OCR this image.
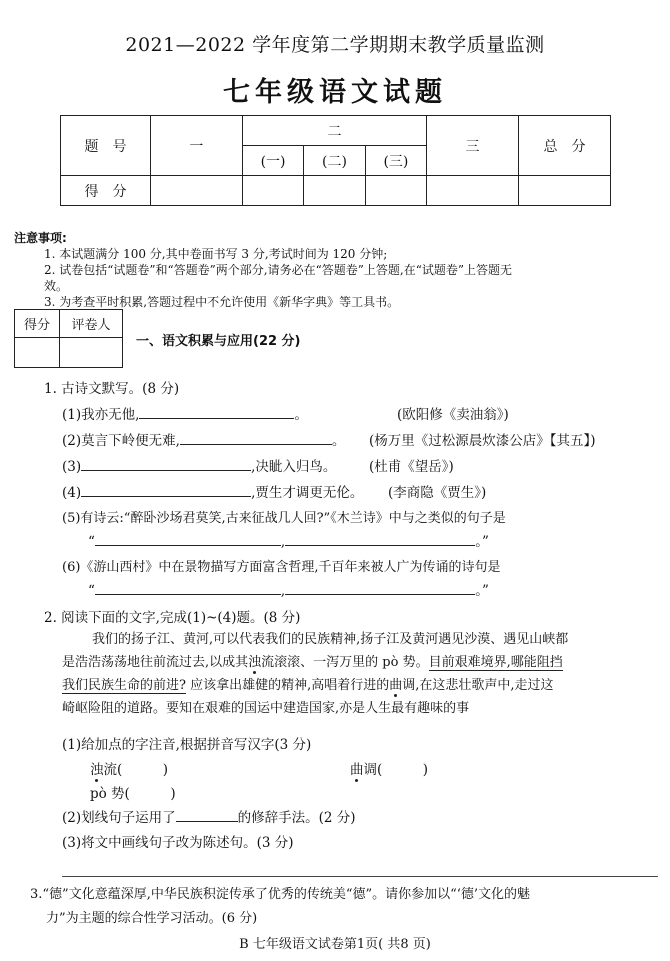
2021—2022 学年度第二学期期末教学质量监测
七年级语文试题
题　号	一	二			三	总　分
		(一)	(二)	(三)		
得　分						
注意事项:
1. 本试题满分 100 分,其中卷面书写 3 分,考试时间为 120 分钟;
2. 试卷包括“试题卷”和“答题卷”两个部分,请务必在“答题卷”上答题,在“试题卷”上答题无
效。
3. 为考查平时积累,答题过程中不允许使用《新华字典》等工具书。
得分	评卷人

一、语文积累与应用(22 分)
1. 古诗文默写。(8 分)
(1)我亦无他,	。	(欧阳修《卖油翁》)
(2)莫言下岭便无难,	。 (杨万里《过松源晨炊漆公店》【其五】)
(3)	,决眦入归鸟。 (杜甫《望岳》)
(4)	,贾生才调更无伦。 (李商隐《贾生》)
(5)有诗云:“醉卧沙场君莫笑,古来征战几人回?”《木兰诗》中与之类似的句子是
“	,	。”
(6)《游山西村》中在景物描写方面富含哲理,千百年来被人广为传诵的诗句是
“	,	。”
2. 阅读下面的文字,完成(1)~(4)题。(8 分)
我们的扬子江、黄河,可以代表我们的民族精神,扬子江及黄河遇见沙漠、遇见山峡都
是浩浩荡荡地往前流过去,以成其浊流滚滚、一泻万里的 pò 势。目前艰难境界,哪能阻挡
我们民族生命的前进? 应该拿出雄健的精神,高唱着行进的曲调,在这悲壮歌声中,走过这
崎岖险阻的道路。要知在艰难的国运中建造国家,亦是人生最有趣味的事
(1)给加点的字注音,根据拼音写汉字(3 分)
浊流(　　　)	曲调(　　　)
pò 势(　　　)
(2)划线句子运用了	的修辞手法。(2 分)
(3)将文中画线句子改为陈述句。(3 分)
3.“德”文化意蕴深厚,中华民族积淀传承了优秀的传统美“德”。请你参加以“‘德’文化的魅
力”为主题的综合性学习活动。(6 分)
B 七年级语文试卷第1页( 共8 页)
